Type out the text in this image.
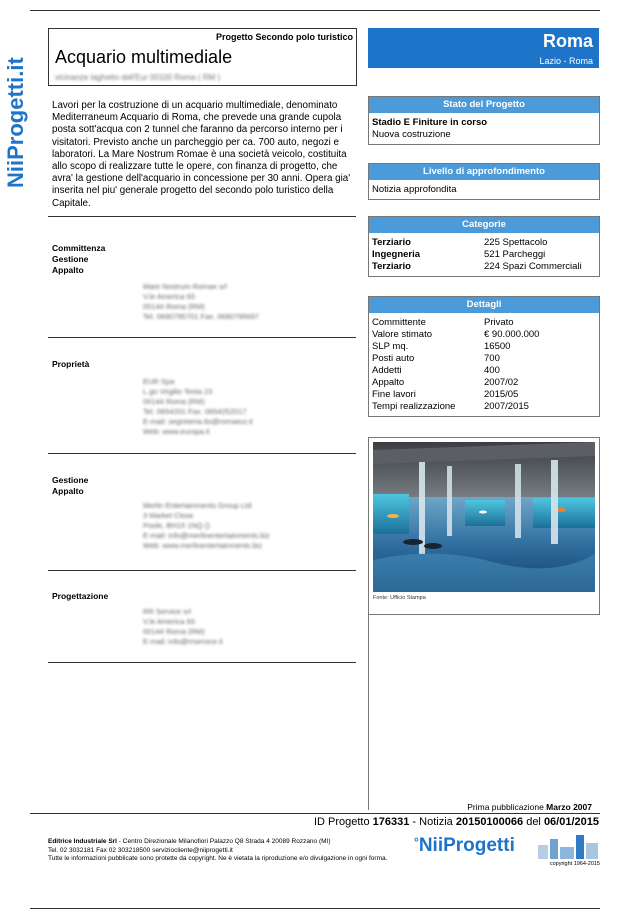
NiiProgetti.it
Progetto Secondo polo turistico
Acquario multimediale
vicinanze laghetto dell'Eur 00100 Roma ( RM )
Roma
Lazio - Roma
Lavori per la costruzione di un acquario multimediale, denominato Mediterraneum Acquario di Roma, che prevede una grande cupola posta sott'acqua con 2 tunnel che faranno da percorso interno per i visitatori. Previsto anche un parcheggio per ca. 700 auto, negozi e laboratori. La Mare Nostrum Romae è una società veicolo, costituita allo scopo di realizzare tutte le opere, con finanza di progetto, che avra' la gestione dell'acquario in concessione per 30 anni. Opera gia' inserita nel piu' generale progetto del secondo polo turistico della Capitale.
Committenza
Gestione
Appalto
Mare Nostrum Romae srl
V.le America 93
00144 Roma (RM)
Tel. 0690795701 Fax. 0690795697
Proprietà
EUR Spa
L.go Virgilio Testa 23
00144 Roma (RM)
Tel. 0654201 Fax. 0654252017
E-mail: segreteria.ito@romaeur.it
Web: www.europa.it
Gestione
Appalto
Merlin Entertainments Group Ltd
3 Market Close
Poole, BH15 1NQ ()
E-mail: info@merlinentertainments.biz
Web: www.merlinentertainments.biz
Progettazione
RR Service srl
V.le America 93
00144 Roma (RM)
E-mail: info@rrservice.it
Stato del Progetto
Stadio E Finiture in corso
Nuova costruzione
Livello di approfondimento
Notizia approfondita
Categorie
Terziario	225 Spettacolo
Ingegneria	521 Parcheggi
Terziario	224 Spazi Commerciali
Dettagli
Committente	Privato
Valore stimato	€ 90.000.000
SLP mq.	16500
Posti auto	700
Addetti	400
Appalto	2007/02
Fine lavori	2015/05
Tempi realizzazione	2007/2015
Fonte: Ufficio Stampa
Prima pubblicazione Marzo 2007
ID Progetto 176331 - Notizia 20150100066 del 06/01/2015
Editrice Industriale Srl - Centro Direzionale Milanofiori Palazzo Q8 Strada 4 20089 Rozzano (MI)
Tel. 02 3032181 Fax 02 303218500 serviziocliente@niiprogetti.it
Tutte le informazioni pubblicate sono protette da copyright. Ne è vietata la riproduzione e/o divulgazione in ogni forma.
°NiiProgetti
copyright 1964-2015
